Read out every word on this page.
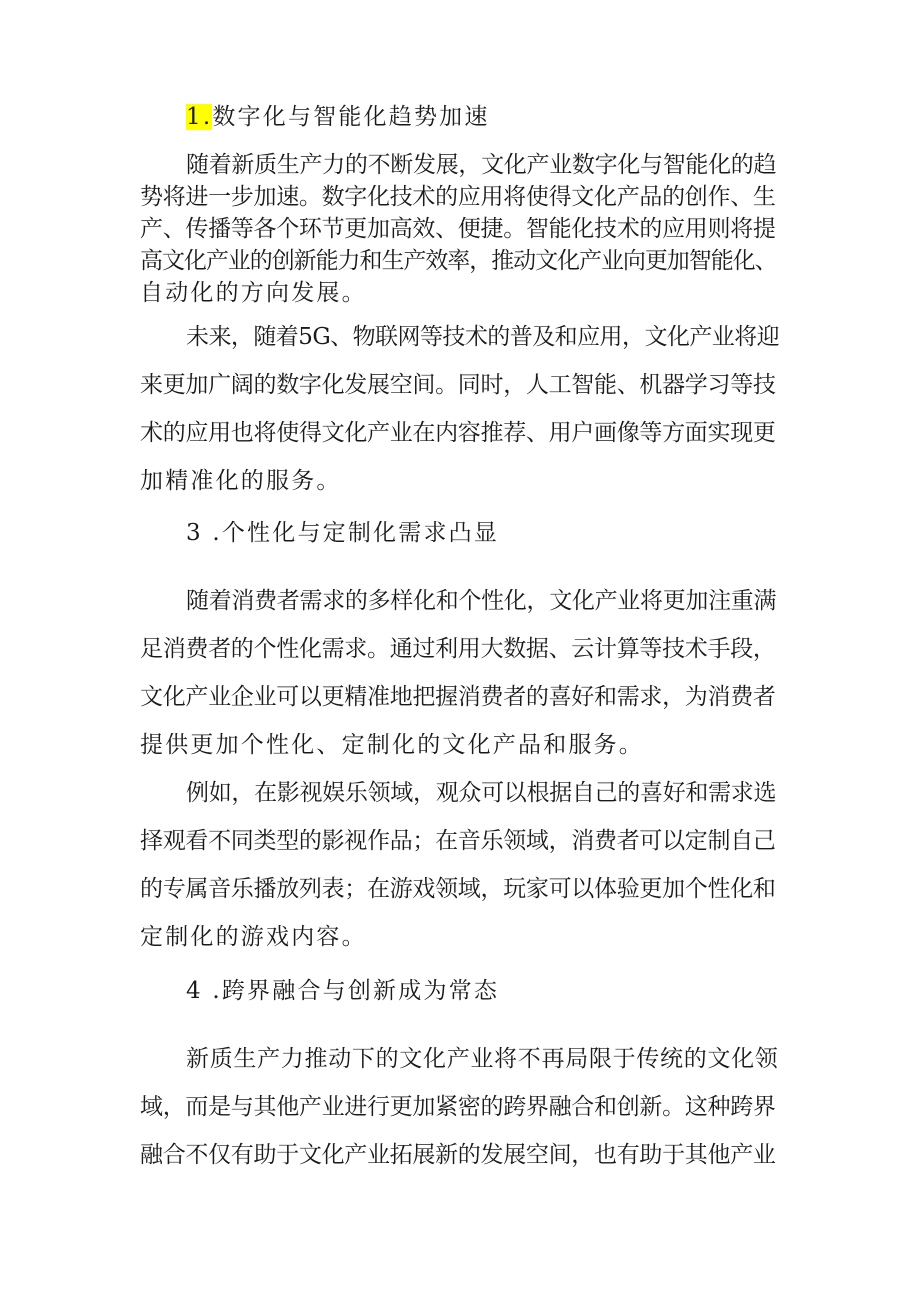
1.数字化与智能化趋势加速
随着新质生产力的不断发展，文化产业数字化与智能化的趋
势将进一步加速。数字化技术的应用将使得文化产品的创作、生
产、传播等各个环节更加高效、便捷。智能化技术的应用则将提
高文化产业的创新能力和生产效率，推动文化产业向更加智能化、
自动化的方向发展。
未来，随着5G、物联网等技术的普及和应用，文化产业将迎
来更加广阔的数字化发展空间。同时，人工智能、机器学习等技
术的应用也将使得文化产业在内容推荐、用户画像等方面实现更
加精准化的服务。
3 .个性化与定制化需求凸显
随着消费者需求的多样化和个性化，文化产业将更加注重满
足消费者的个性化需求。通过利用大数据、云计算等技术手段，
文化产业企业可以更精准地把握消费者的喜好和需求，为消费者
提供更加个性化、定制化的文化产品和服务。
例如，在影视娱乐领域，观众可以根据自己的喜好和需求选
择观看不同类型的影视作品；在音乐领域，消费者可以定制自己
的专属音乐播放列表；在游戏领域，玩家可以体验更加个性化和
定制化的游戏内容。
4 .跨界融合与创新成为常态
新质生产力推动下的文化产业将不再局限于传统的文化领
域，而是与其他产业进行更加紧密的跨界融合和创新。这种跨界
融合不仅有助于文化产业拓展新的发展空间，也有助于其他产业
